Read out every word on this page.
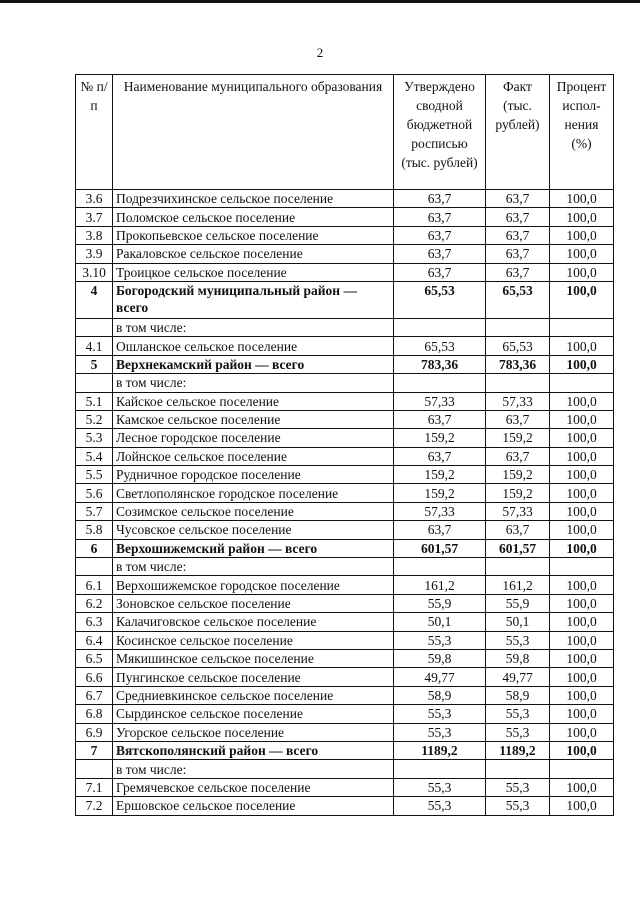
2
№ п/п	Наименование муниципального образования	Утверждено сводной бюджетной росписью (тыс. рублей)	Факт (тыс. рублей)	Процент испол-нения (%)
3.6	Подрезчихинское сельское поселение	63,7	63,7	100,0
3.7	Поломское сельское поселение	63,7	63,7	100,0
3.8	Прокопьевское сельское поселение	63,7	63,7	100,0
3.9	Ракаловское сельское поселение	63,7	63,7	100,0
3.10	Троицкое сельское поселение	63,7	63,7	100,0
4	Богородский муниципальный район — всего	65,53	65,53	100,0
	в том числе:			
4.1	Ошланское сельское поселение	65,53	65,53	100,0
5	Верхнекамский район — всего	783,36	783,36	100,0
	в том числе:			
5.1	Кайское сельское поселение	57,33	57,33	100,0
5.2	Камское сельское поселение	63,7	63,7	100,0
5.3	Лесное городское поселение	159,2	159,2	100,0
5.4	Лойнское сельское поселение	63,7	63,7	100,0
5.5	Рудничное городское поселение	159,2	159,2	100,0
5.6	Светлополянское городское поселение	159,2	159,2	100,0
5.7	Созимское сельское поселение	57,33	57,33	100,0
5.8	Чусовское сельское поселение	63,7	63,7	100,0
6	Верхошижемский район — всего	601,57	601,57	100,0
	в том числе:			
6.1	Верхошижемское городское поселение	161,2	161,2	100,0
6.2	Зоновское сельское поселение	55,9	55,9	100,0
6.3	Калачиговское сельское поселение	50,1	50,1	100,0
6.4	Косинское сельское поселение	55,3	55,3	100,0
6.5	Мякишинское сельское поселение	59,8	59,8	100,0
6.6	Пунгинское сельское поселение	49,77	49,77	100,0
6.7	Средниевкинское сельское поселение	58,9	58,9	100,0
6.8	Сырдинское сельское поселение	55,3	55,3	100,0
6.9	Угорское сельское поселение	55,3	55,3	100,0
7	Вятскополянский район — всего	1189,2	1189,2	100,0
	в том числе:			
7.1	Гремячевское сельское поселение	55,3	55,3	100,0
7.2	Ершовское сельское поселение	55,3	55,3	100,0
